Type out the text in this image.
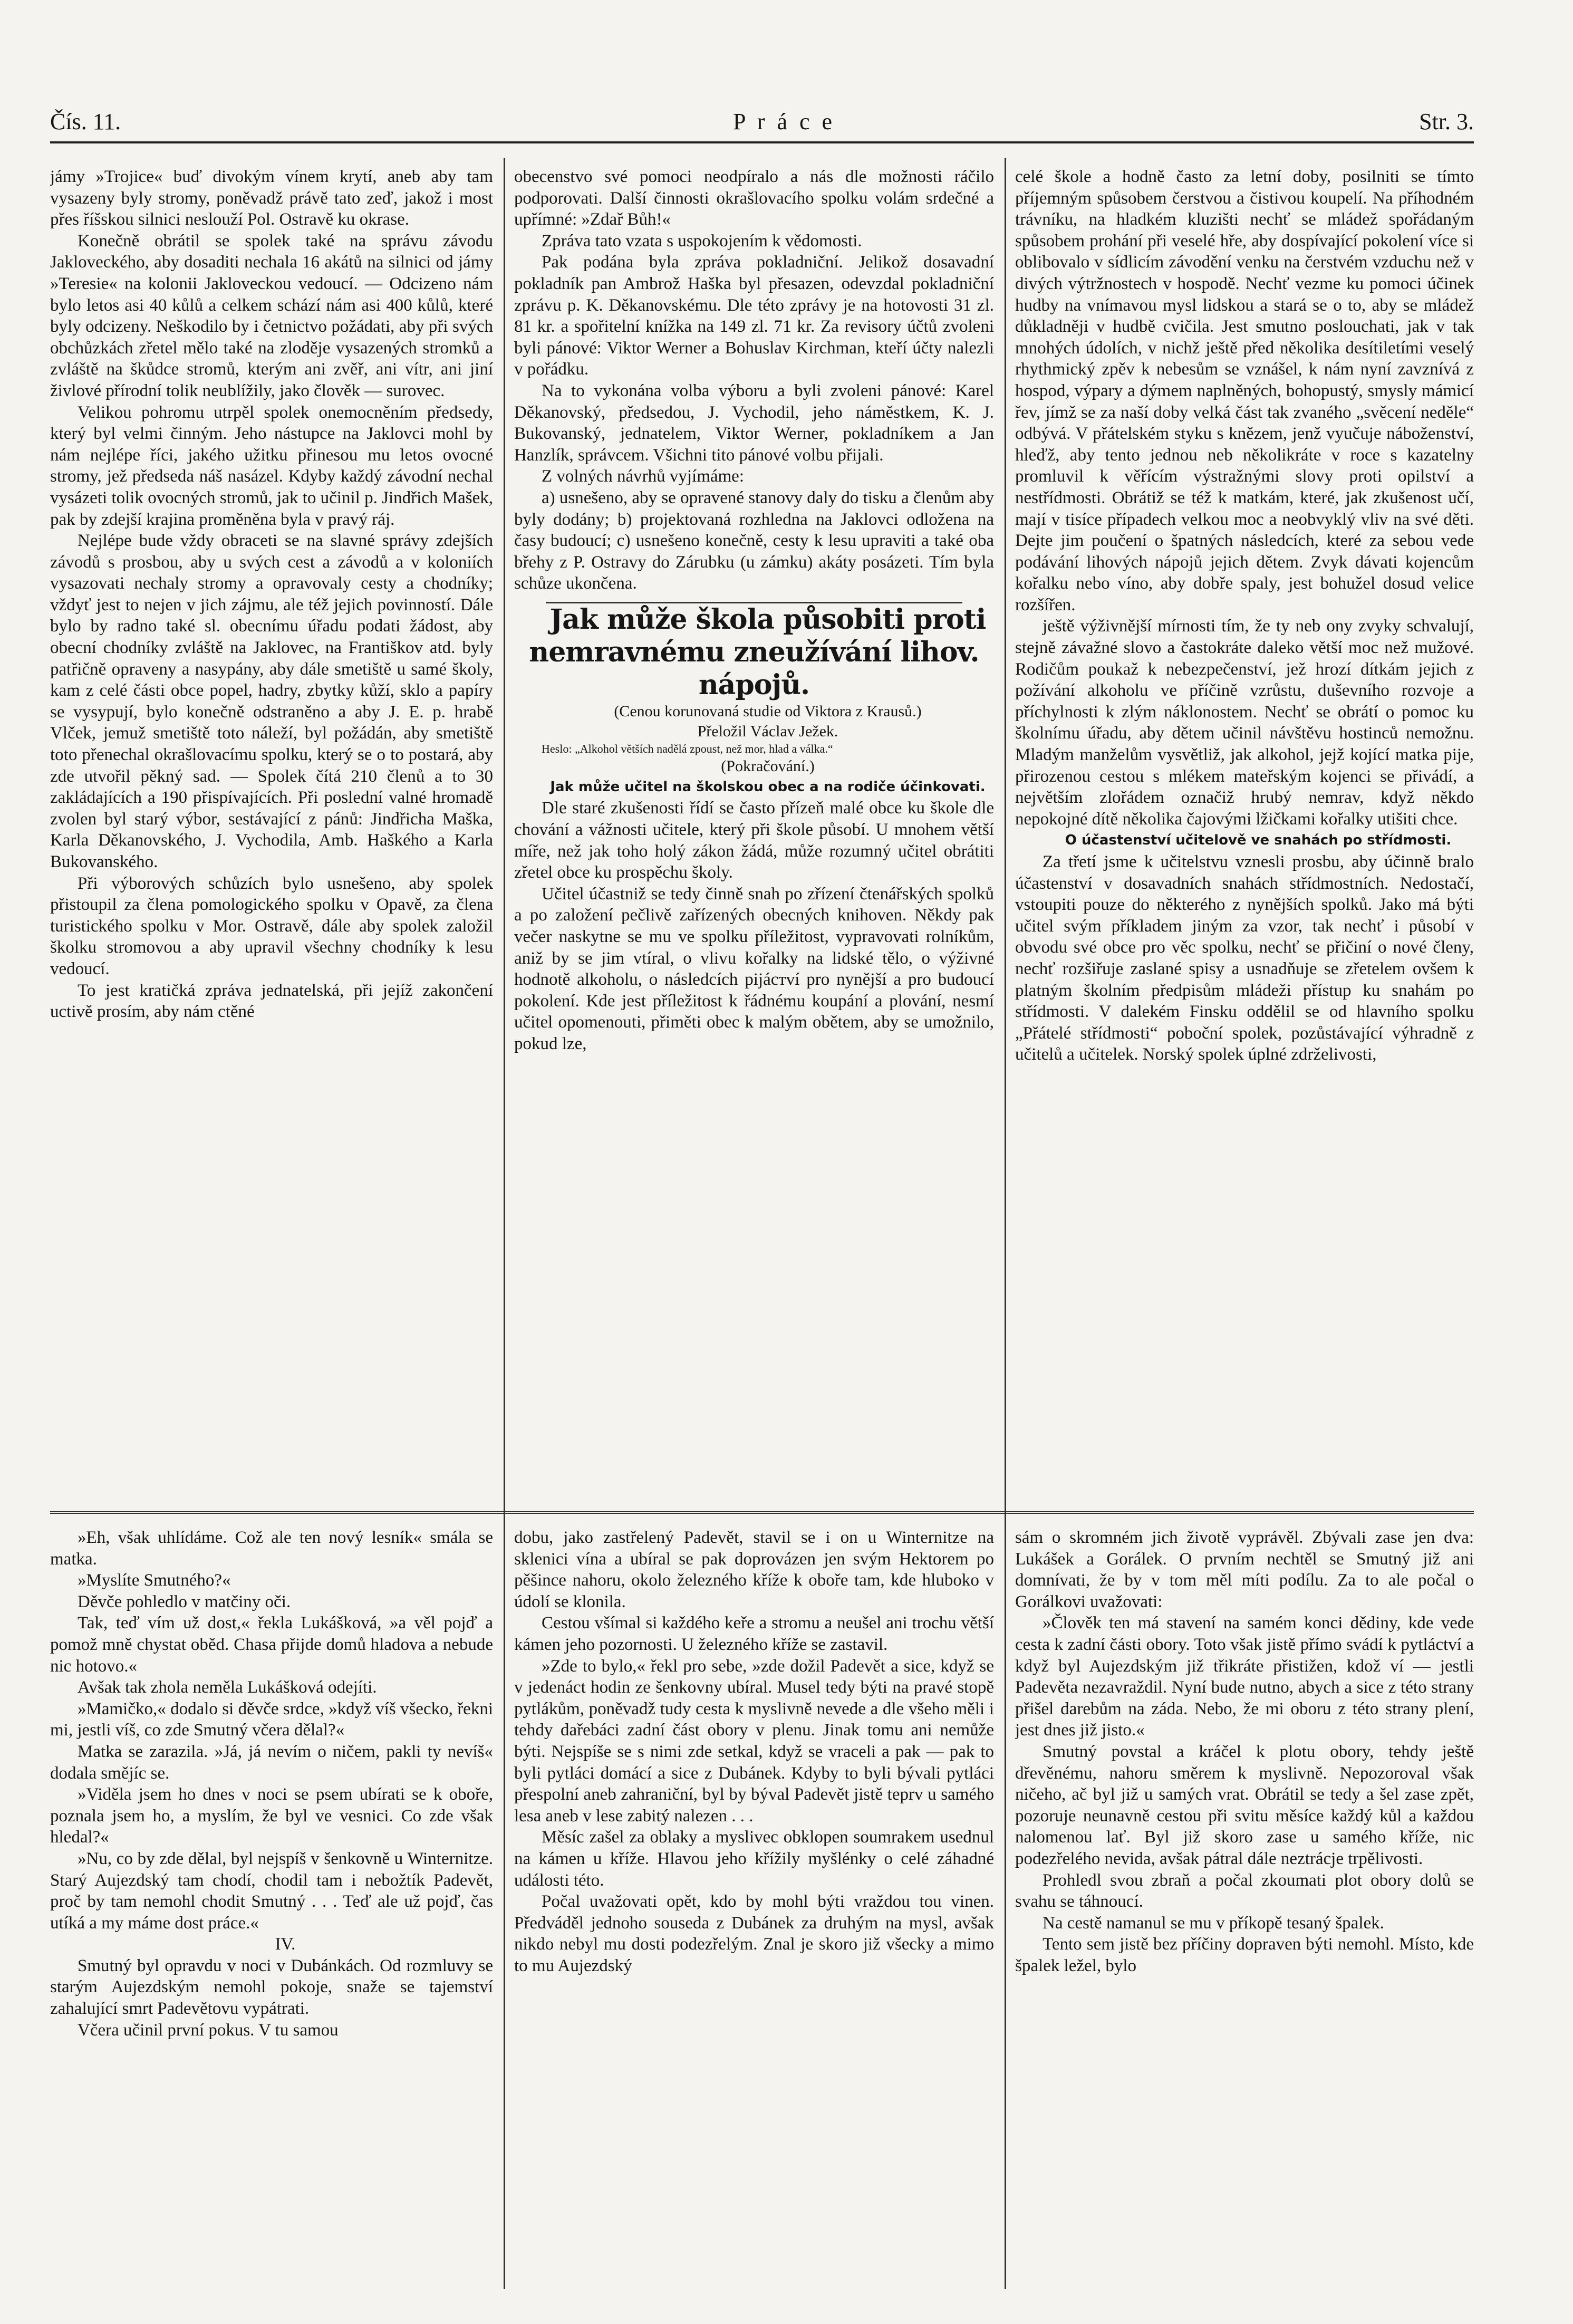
Čís. 11.	P r á c e	Str. 3.

jámy »Trojice« buď divokým vínem krytí, aneb aby tam vysazeny byly stromy, poněvadž právě tato zeď, jakož i most přes říšskou silnici neslouží Pol. Ostravě ku okrase.

Konečně obrátil se spolek také na správu závodu Jakloveckého, aby dosaditi nechala 16 akátů na silnici od jámy »Teresie« na kolonii Jakloveckou vedoucí. — Odcizeno nám bylo letos asi 40 kůlů a celkem schází nám asi 400 kůlů, které byly odcizeny. Neškodilo by i četnictvo požádati, aby při svých obchůzkách zřetel mělo také na zloděje vysazených stromků a zvláště na škůdce stromů, kterým ani zvěř, ani vítr, ani jiní živlové přírodní tolik neublížily, jako člověk — surovec.

Velikou pohromu utrpěl spolek onemocněním předsedy, který byl velmi činným. Jeho nástupce na Jaklovci mohl by nám nejlépe říci, jakého užitku přinesou mu letos ovocné stromy, jež předseda náš nasázel. Kdyby každý závodní nechal vysázeti tolik ovocných stromů, jak to učinil p. Jindřich Mašek, pak by zdejší krajina proměněna byla v pravý ráj.

Nejlépe bude vždy obraceti se na slavné správy zdejších závodů s prosbou, aby u svých cest a závodů a v koloniích vysazovati nechaly stromy a opravovaly cesty a chodníky; vždyť jest to nejen v jich zájmu, ale též jejich povinností. Dále bylo by radno také sl. obecnímu úřadu podati žádost, aby obecní chodníky zvláště na Jaklovec, na Františkov atd. byly patřičně opraveny a nasypány, aby dále smetiště u samé školy, kam z celé části obce popel, hadry, zbytky kůží, sklo a papíry se vysypují, bylo konečně odstraněno a aby J. E. p. hrabě Vlček, jemuž smetiště toto náleží, byl požádán, aby smetiště toto přenechal okrašlovacímu spolku, který se o to postará, aby zde utvořil pěkný sad. — Spolek čítá 210 členů a to 30 zakládajících a 190 přispívajících. Při poslední valné hromadě zvolen byl starý výbor, sestávající z pánů: Jindřicha Maška, Karla Děkanovského, J. Vychodila, Amb. Haškého a Karla Bukovanského.

Při výborových schůzích bylo usnešeno, aby spolek přistoupil za člena pomologického spolku v Opavě, za člena turistického spolku v Mor. Ostravě, dále aby spolek založil školku stromovou a aby upravil všechny chodníky k lesu vedoucí.

To jest kratičká zpráva jednatelská, při jejíž zakončení uctivě prosím, aby nám ctěné

obecenstvo své pomoci neodpíralo a nás dle možnosti ráčilo podporovati. Další činnosti okrašlovacího spolku volám srdečné a upřímné: »Zdař Bůh!«

Zpráva tato vzata s uspokojením k vědomosti.

Pak podána byla zpráva pokladniční. Jelikož dosavadní pokladník pan Ambrož Haška byl přesazen, odevzdal pokladniční zprávu p. K. Děkanovskému. Dle této zprávy je na hotovosti 31 zl. 81 kr. a spořitelní knížka na 149 zl. 71 kr. Za revisory účtů zvoleni byli pánové: Viktor Werner a Bohuslav Kirchman, kteří účty nalezli v pořádku.

Na to vykonána volba výboru a byli zvoleni pánové: Karel Děkanovský, předsedou, J. Vychodil, jeho náměstkem, K. J. Bukovanský, jednatelem, Viktor Werner, pokladníkem a Jan Hanzlík, správcem. Všichni tito pánové volbu přijali.

Z volných návrhů vyjímáme:

a) usnešeno, aby se opravené stanovy daly do tisku a členům aby byly dodány; b) projektovaná rozhledna na Jaklovci odložena na časy budoucí; c) usnešeno konečně, cesty k lesu upraviti a také oba břehy z P. Ostravy do Zárubku (u zámku) akáty posázeti. Tím byla schůze ukončena.

Jak může škola působiti proti nemravnému zneužívání lihov. nápojů.

(Cenou korunovaná studie od Viktora z Krausů.)

Přeložil Václav Ježek.

Heslo: „Alkohol větších nadělá zpoust, než mor, hlad a válka.“

(Pokračování.)

Jak může učitel na školskou obec a na rodiče účinkovati.

Dle staré zkušenosti řídí se často přízeň malé obce ku škole dle chování a vážnosti učitele, který při škole působí. U mnohem větší míře, než jak toho holý zákon žádá, může rozumný učitel obrátiti zřetel obce ku prospěchu školy.

Učitel účastniž se tedy činně snah po zřízení čtenářských spolků a po založení pečlivě zařízených obecných knihoven. Někdy pak večer naskytne se mu ve spolku příležitost, vypravovati rolníkům, aniž by se jim vtíral, o vlivu kořalky na lidské tělo, o výživné hodnotě alkoholu, o následcích pijácтví pro nynější a pro budoucí pokolení. Kde jest příležitost k řádnému koupání a plování, nesmí učitel opomenouti, přiměti obec k malým obětem, aby se umožnilo, pokud lze,

celé škole a hodně často za letní doby, posilniti se tímto příjemným spůsobem čerstvou a čistivou koupelí. Na příhodném trávníku, na hladkém kluzišti nechť se mládež spořádaným spůsobem prohání při veselé hře, aby dospívající pokolení více si oblibovalo v sídlicím závodění venku na čerstvém vzduchu než v divých výtržnostech v hospodě. Nechť vezme ku pomoci účinek hudby na vnímavou mysl lidskou a stará se o to, aby se mládež důkladněji v hudbě cvičila. Jest smutno poslouchati, jak v tak mnohých údolích, v nichž ještě před několika desítiletími veselý rhythmický zpěv k nebesům se vznášel, k nám nyní zavznívá z hospod, výpary a dýmem naplněných, bohopustý, smysly mámicí řev, jímž se za naší doby velká část tak zvaného „svěcení neděle“ odbývá. V přátelském styku s knězem, jenž vyučuje náboženství, hleďž, aby tento jednou neb několikráte v roce s kazatelny promluvil k věřícím výstražnými slovy proti opilství a nestřídmosti. Obrátiž se též k matkám, které, jak zkušenost učí, mají v tisíce případech velkou moc a neobvyklý vliv na své děti. Dejte jim poučení o špatných následcích, které za sebou vede podávání lihových nápojů jejich dětem. Zvyk dávati kojencům kořalku nebo víno, aby dobře spaly, jest bohužel dosud velice rozšířen.

ještě výživnější mírnosti tím, že ty neb ony zvyky schvalují, stejně závažné slovo a častokráte daleko větší moc než mužové. Rodičům poukaž k nebezpečenství, jež hrozí dítkám jejich z požívání alkoholu ve příčině vzrůstu, duševního rozvoje a příchylnosti k zlým náklonostem. Nechť se obrátí o pomoc ku školnímu úřadu, aby dětem učinil návštěvu hostinců nemožnu. Mladým manželům vysvětliž, jak alkohol, jejž kojící matka pije, přirozenou cestou s mlékem mateřským kojenci se přivádí, a největším zlořádem označiž hrubý nemrav, když někdo nepokojné dítě několika čajovými lžičkami kořalky utišiti chce.

O účastenství učitelově ve snahách po střídmosti.

Za třetí jsme k učitelstvu vznesli prosbu, aby účinně bralo účastenství v dosavadních snahách střídmostních. Nedostačí, vstoupiti pouze do některého z nynějších spolků. Jako má býti učitel svým příkladem jiným za vzor, tak nechť i působí v obvodu své obce pro věc spolku, nechť se přičiní o nové členy, nechť rozšiřuje zaslané spisy a usnadňuje se zřetelem ovšem k platným školním předpisům mládeži přístup ku snahám po střídmosti. V dalekém Finsku oddělil se od hlavního spolku „Přátelé střídmosti“ poboční spolek, pozůstávající výhradně z učitelů a učitelek. Norský spolek úplné zdrželivosti,

»Eh, však uhlídáme. Což ale ten nový lesník« smála se matka.

»Myslíte Smutného?«

Děvče pohledlo v matčiny oči.

Tak, teď vím už dost,« řekla Lukášková, »a věl pojď a pomož mně chystat oběd. Chasa přijde domů hladova a nebude nic hotovo.«

Avšak tak zhola neměla Lukášková odejíti.

»Mamičko,« dodalo si děvče srdce, »když víš všecko, řekni mi, jestli víš, co zde Smutný včera dělal?«

Matka se zarazila. »Já, já nevím o ničem, pakli ty nevíš« dodala smějíc se.

»Viděla jsem ho dnes v noci se psem ubírati se k oboře, poznala jsem ho, a myslím, že byl ve vesnici. Co zde však hledal?«

»Nu, co by zde dělal, byl nejspíš v šenkovně u Winternitze. Starý Aujezdský tam chodí, chodil tam i nebožtík Padevět, proč by tam nemohl chodit Smutný . . . Teď ale už pojď, čas utíká a my máme dost práce.«

IV.

Smutný byl opravdu v noci v Dubánkách. Od rozmluvy se starým Aujezdským nemohl pokoje, snaže se tajemství zahalující smrt Padevětovu vypátrati.

Včera učinil první pokus. V tu samou

dobu, jako zastřelený Padevět, stavil se i on u Winternitze na sklenici vína a ubíral se pak doprovázen jen svým Hektorem po pěšince nahoru, okolo železného kříže k oboře tam, kde hluboko v údolí se klonila.

Cestou všímal si každého keře a stromu a neušel ani trochu větší kámen jeho pozornosti. U železného kříže se zastavil.

»Zde to bylo,« řekl pro sebe, »zde dožil Padevět a sice, když se v jedenáct hodin ze šenkovny ubíral. Musel tedy býti na pravé stopě pytlákům, poněvadž tudy cesta k myslivně nevede a dle všeho měli i tehdy dařebáci zadní část obory v plenu. Jinak tomu ani nemůže býti. Nejspíše se s nimi zde setkal, když se vraceli a pak — pak to byli pytláci domácí a sice z Dubánek. Kdyby to byli bývali pytláci přespolní aneb zahraniční, byl by býval Padevět jistě teprv u samého lesa aneb v lese zabitý nalezen . . .

Měsíc zašel za oblaky a myslivec obklopen soumrakem usednul na kámen u kříže. Hlavou jeho křížily myšlénky o celé záhadné události této.

Počal uvažovati opět, kdo by mohl býti vraždou tou vinen. Předváděl jednoho souseda z Dubánek za druhým na mysl, avšak nikdo nebyl mu dosti podezřelým. Znal je skoro již všecky a mimo to mu Aujezdský

sám o skromném jich životě vyprávěl. Zbývali zase jen dva: Lukášek a Gorálek. O prvním nechtěl se Smutný již ani domnívati, že by v tom měl míti podílu. Za to ale počal o Gorálkovi uvažovati:

»Člověk ten má stavení na samém konci dědiny, kde vede cesta k zadní části obory. Toto však jistě přímo svádí k pytláctví a když byl Aujezdským již třikráte přistižen, kdož ví — jestli Padevěta nezavraždil. Nyní bude nutno, abych a sice z této strany přišel darebům na záda. Nebo, že mi oboru z této strany plení, jest dnes již jisto.«

Smutný povstal a kráčel k plotu obory, tehdy ještě dřevěnému, nahoru směrem k myslivně. Nepozoroval však ničeho, ač byl již u samých vrat. Obrátil se tedy a šel zase zpět, pozoruje neunavně cestou při svitu měsíce každý kůl a každou nalomenou lať. Byl již skoro zase u samého kříže, nic podezřelého nevida, avšak pátral dále neztrácje trpělivosti.

Prohledl svou zbraň a počal zkoumati plot obory dolů se svahu se táhnoucí.

Na cestě namanul se mu v příkopě tesaný špalek.

Tento sem jistě bez příčiny dopraven býti nemohl. Místo, kde špalek ležel, bylo
